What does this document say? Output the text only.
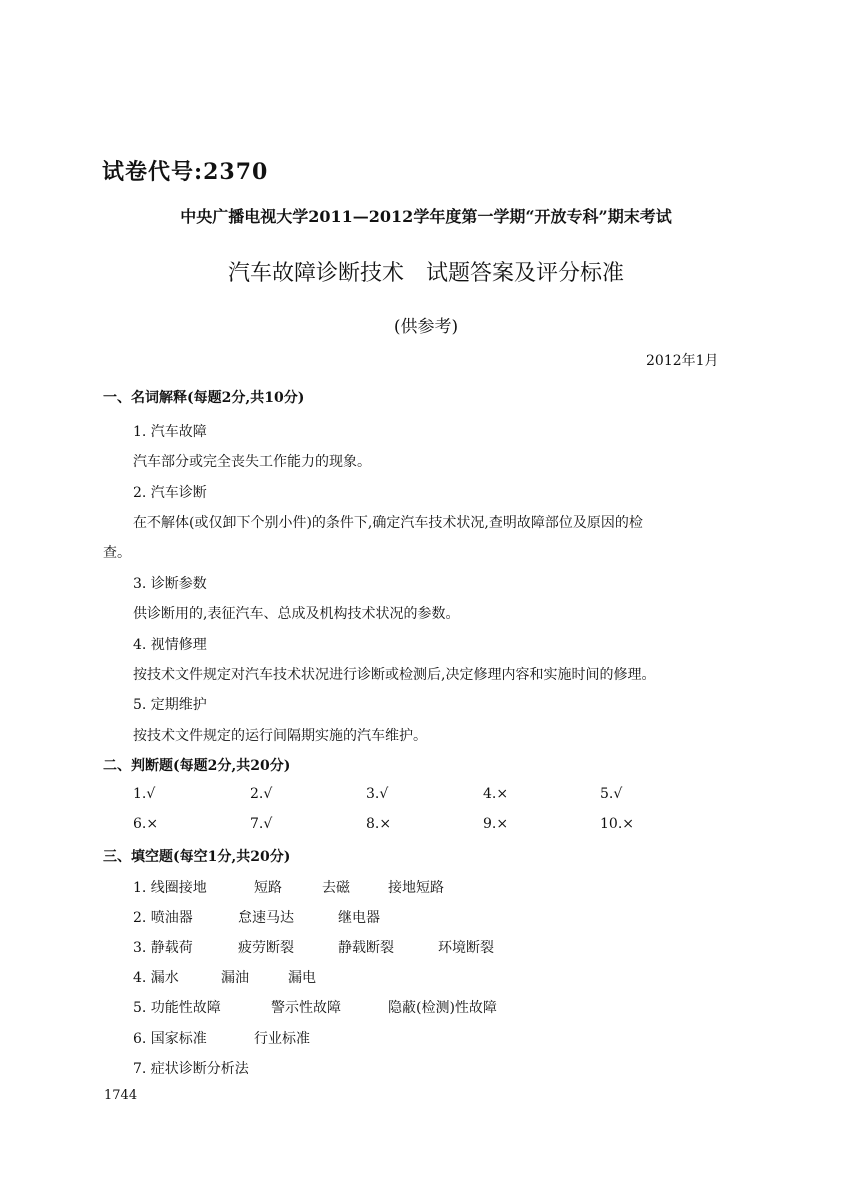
试卷代号:2370
中央广播电视大学2011—2012学年度第一学期“开放专科”期末考试
汽车故障诊断技术　试题答案及评分标准
(供参考)
2012年1月
一、名词解释(每题2分,共10分)
1. 汽车故障
汽车部分或完全丧失工作能力的现象。
2. 汽车诊断
在不解体(或仅卸下个别小件)的条件下,确定汽车技术状况,查明故障部位及原因的检
查。
3. 诊断参数
供诊断用的,表征汽车、总成及机构技术状况的参数。
4. 视情修理
按技术文件规定对汽车技术状况进行诊断或检测后,决定修理内容和实施时间的修理。
5. 定期维护
按技术文件规定的运行间隔期实施的汽车维护。
二、判断题(每题2分,共20分)
1.√	2.√	3.√	4.×	5.√
6.×	7.√	8.×	9.×	10.×
三、填空题(每空1分,共20分)
1. 线圈接地	短路	去磁	接地短路
2. 喷油器	怠速马达	继电器
3. 静载荷	疲劳断裂	静载断裂	环境断裂
4. 漏水	漏油	漏电
5. 功能性故障	警示性故障	隐蔽(检测)性故障
6. 国家标准	行业标准
7. 症状诊断分析法
1744
